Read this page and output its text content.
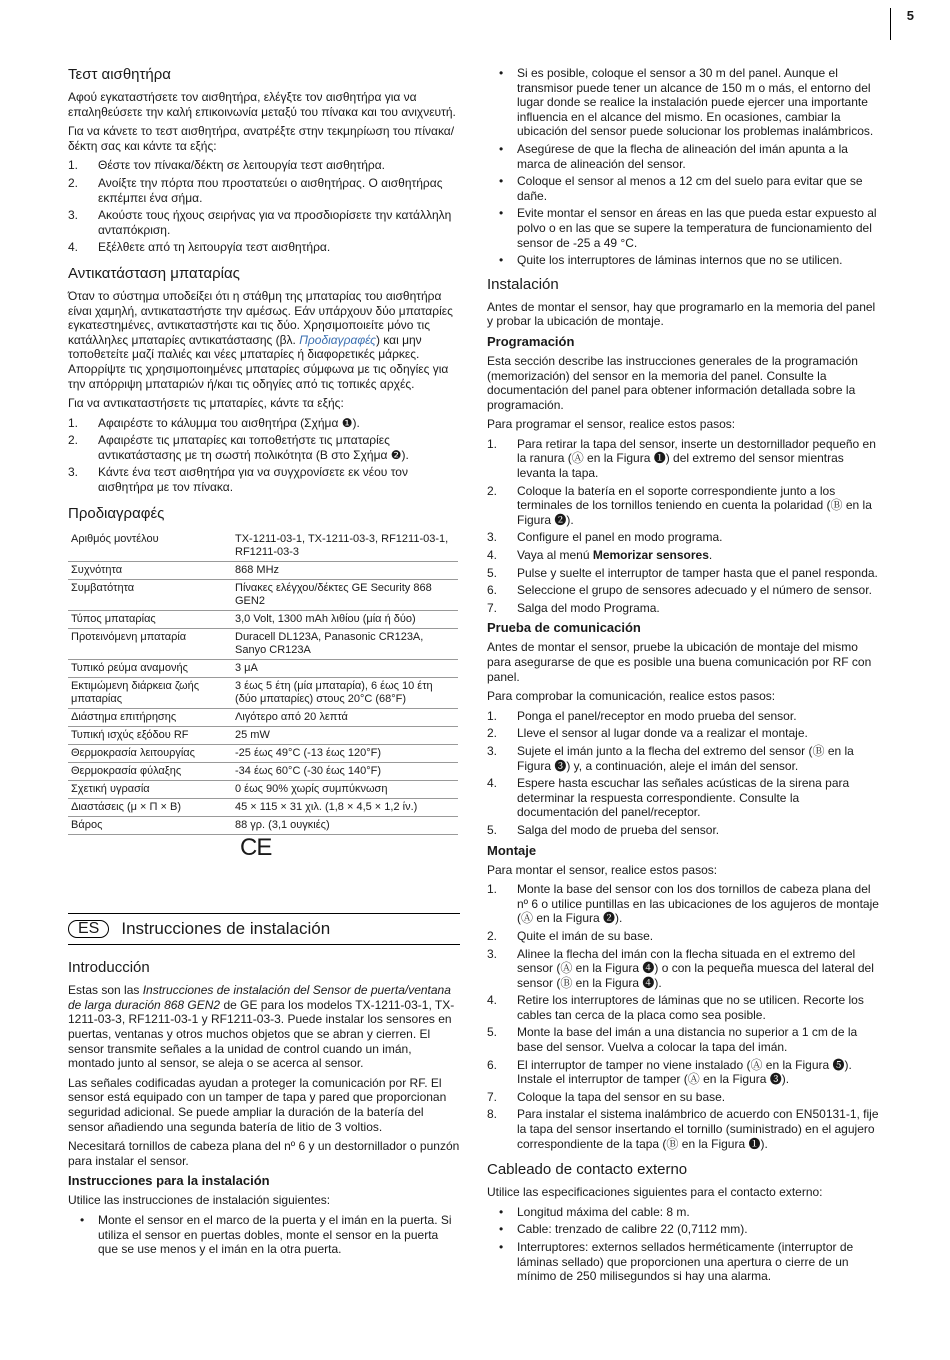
5
Τεστ αισθητήρα

Αφού εγκαταστήσετε τον αισθητήρα, ελέγξτε τον αισθητήρα για να επαληθεύσετε την καλή επικοινωνία μεταξύ του πίνακα και του ανιχνευτή.

Για να κάνετε το τεστ αισθητήρα, ανατρέξτε στην τεκμηρίωση του πίνακα/δέκτη σας και κάντε τα εξής:

1.	Θέστε τον πίνακα/δέκτη σε λειτουργία τεστ αισθητήρα.
2.	Ανοίξτε την πόρτα που προστατεύει ο αισθητήρας. Ο αισθητήρας εκπέμπει ένα σήμα.
3.	Ακούστε τους ήχους σειρήνας για να προσδιορίσετε την κατάλληλη ανταπόκριση.
4.	Εξέλθετε από τη λειτουργία τεστ αισθητήρα.
Αντικατάσταση μπαταρίας

Όταν το σύστημα υποδείξει ότι η στάθμη της μπαταρίας του αισθητήρα είναι χαμηλή, αντικαταστήστε την αμέσως. Εάν υπάρχουν δύο μπαταρίες εγκατεστημένες, αντικαταστήστε και τις δύο. Χρησιμοποιείτε μόνο τις κατάλληλες μπαταρίες αντικατάστασης (βλ. Προδιαγραφές) και μην τοποθετείτε μαζί παλιές και νέες μπαταρίες ή διαφορετικές μάρκες. Απορρίψτε τις χρησιμοποιημένες μπαταρίες σύμφωνα με τις οδηγίες για την απόρριψη μπαταριών ή/και τις οδηγίες από τις τοπικές αρχές.

Για να αντικαταστήσετε τις μπαταρίες, κάντε τα εξής:

1.	Αφαιρέστε το κάλυμμα του αισθητήρα (Σχήμα ❶).
2.	Αφαιρέστε τις μπαταρίες και τοποθετήστε τις μπαταρίες αντικατάστασης με τη σωστή πολικότητα (B στο Σχήμα ❷).
3.	Κάντε ένα τεστ αισθητήρα για να συγχρονίσετε εκ νέου τον αισθητήρα με τον πίνακα.
Προδιαγραφές
Αριθμός μοντέλου	TX-1211-03-1, TX-1211-03-3, RF1211-03-1, RF1211-03-3
Συχνότητα	868 MHz
Συμβατότητα	Πίνακες ελέγχου/δέκτες GE Security 868 GEN2
Τύπος μπαταρίας	3,0 Volt, 1300 mAh λιθίου (μία ή δύο)
Προτεινόμενη μπαταρία	Duracell DL123A, Panasonic CR123A, Sanyo CR123A
Τυπικό ρεύμα αναμονής	3 μA
Εκτιμώμενη διάρκεια ζωής μπαταρίας	3 έως 5 έτη (μία μπαταρία), 6 έως 10 έτη (δύο μπαταρίες) στους 20°C (68°F)
Διάστημα επιτήρησης	Λιγότερο από 20 λεπτά
Τυπική ισχύς εξόδου RF	25 mW
Θερμοκρασία λειτουργίας	-25 έως 49°C (-13 έως 120°F)
Θερμοκρασία φύλαξης	-34 έως 60°C (-30 έως 140°F)
Σχετική υγρασία	0 έως 90% χωρίς συμπύκνωση
Διαστάσεις (μ × Π × Β)	45 × 115 × 31 χιλ. (1,8 × 4,5 × 1,2 ίν.)
Βάρος	88 γρ. (3,1 ουγκιές)
CE
ES	Instrucciones de instalación
Introducción

Estas son las Instrucciones de instalación del Sensor de puerta/ventana de larga duración 868 GEN2 de GE para los modelos TX-1211-03-1, TX-1211-03-3, RF1211-03-1 y RF1211-03-3. Puede instalar los sensores en puertas, ventanas y otros muchos objetos que se abran y cierren. El sensor transmite señales a la unidad de control cuando un imán, montado junto al sensor, se aleja o se acerca al sensor.

Las señales codificadas ayudan a proteger la comunicación por RF. El sensor está equipado con un tamper de tapa y pared que proporcionan seguridad adicional. Se puede ampliar la duración de la batería del sensor añadiendo una segunda batería de litio de 3 voltios.

Necesitará tornillos de cabeza plana del nº 6 y un destornillador o punzón para instalar el sensor.

Instrucciones para la instalación

Utilice las instrucciones de instalación siguientes:

•	Monte el sensor en el marco de la puerta y el imán en la puerta. Si utiliza el sensor en puertas dobles, monte el sensor en la puerta que se use menos y el imán en la otra puerta.
•	Si es posible, coloque el sensor a 30 m del panel. Aunque el transmisor puede tener un alcance de 150 m o más, el entorno del lugar donde se realice la instalación puede ejercer una importante influencia en el alcance del mismo. En ocasiones, cambiar la ubicación del sensor puede solucionar los problemas inalámbricos.
•	Asegúrese de que la flecha de alineación del imán apunta a la marca de alineación del sensor.
•	Coloque el sensor al menos a 12 cm del suelo para evitar que se dañe.
•	Evite montar el sensor en áreas en las que pueda estar expuesto al polvo o en las que se supere la temperatura de funcionamiento del sensor de -25 a 49 °C.
•	Quite los interruptores de láminas internos que no se utilicen.
Instalación

Antes de montar el sensor, hay que programarlo en la memoria del panel y probar la ubicación de montaje.

Programación

Esta sección describe las instrucciones generales de la programación (memorización) del sensor en la memoria del panel. Consulte la documentación del panel para obtener información detallada sobre la programación.

Para programar el sensor, realice estos pasos:

1.	Para retirar la tapa del sensor, inserte un destornillador pequeño en la ranura (Ⓐ en la Figura ❶) del extremo del sensor mientras levanta la tapa.
2.	Coloque la batería en el soporte correspondiente junto a los terminales de los tornillos teniendo en cuenta la polaridad (Ⓑ en la Figura ❷).
3.	Configure el panel en modo programa.
4.	Vaya al menú Memorizar sensores.
5.	Pulse y suelte el interruptor de tamper hasta que el panel responda.
6.	Seleccione el grupo de sensores adecuado y el número de sensor.
7.	Salga del modo Programa.
Prueba de comunicación

Antes de montar el sensor, pruebe la ubicación de montaje del mismo para asegurarse de que es posible una buena comunicación por RF con panel.

Para comprobar la comunicación, realice estos pasos:

1.	Ponga el panel/receptor en modo prueba del sensor.
2.	Lleve el sensor al lugar donde va a realizar el montaje.
3.	Sujete el imán junto a la flecha del extremo del sensor (Ⓑ en la Figura ❸) y, a continuación, aleje el imán del sensor.
4.	Espere hasta escuchar las señales acústicas de la sirena para determinar la respuesta correspondiente. Consulte la documentación del panel/receptor.
5.	Salga del modo de prueba del sensor.
Montaje

Para montar el sensor, realice estos pasos:

1.	Monte la base del sensor con los dos tornillos de cabeza plana del nº 6 o utilice puntillas en las ubicaciones de los agujeros de montaje (Ⓐ en la Figura ❷).
2.	Quite el imán de su base.
3.	Alinee la flecha del imán con la flecha situada en el extremo del sensor (Ⓐ en la Figura ❹) o con la pequeña muesca del lateral del sensor (Ⓑ en la Figura ❹).
4.	Retire los interruptores de láminas que no se utilicen. Recorte los cables tan cerca de la placa como sea posible.
5.	Monte la base del imán a una distancia no superior a 1 cm de la base del sensor. Vuelva a colocar la tapa del imán.
6.	El interruptor de tamper no viene instalado (Ⓐ en la Figura ❺). Instale el interruptor de tamper (Ⓐ en la Figura ❸).
7.	Coloque la tapa del sensor en su base.
8.	Para instalar el sistema inalámbrico de acuerdo con EN50131-1, fije la tapa del sensor insertando el tornillo (suministrado) en el agujero correspondiente de la tapa (Ⓑ en la Figura ❶).
Cableado de contacto externo

Utilice las especificaciones siguientes para el contacto externo:

•	Longitud máxima del cable: 8 m.
•	Cable: trenzado de calibre 22 (0,7112 mm).
•	Interruptores: externos sellados herméticamente (interruptor de láminas sellado) que proporcionen una apertura o cierre de un mínimo de 250 milisegundos si hay una alarma.
